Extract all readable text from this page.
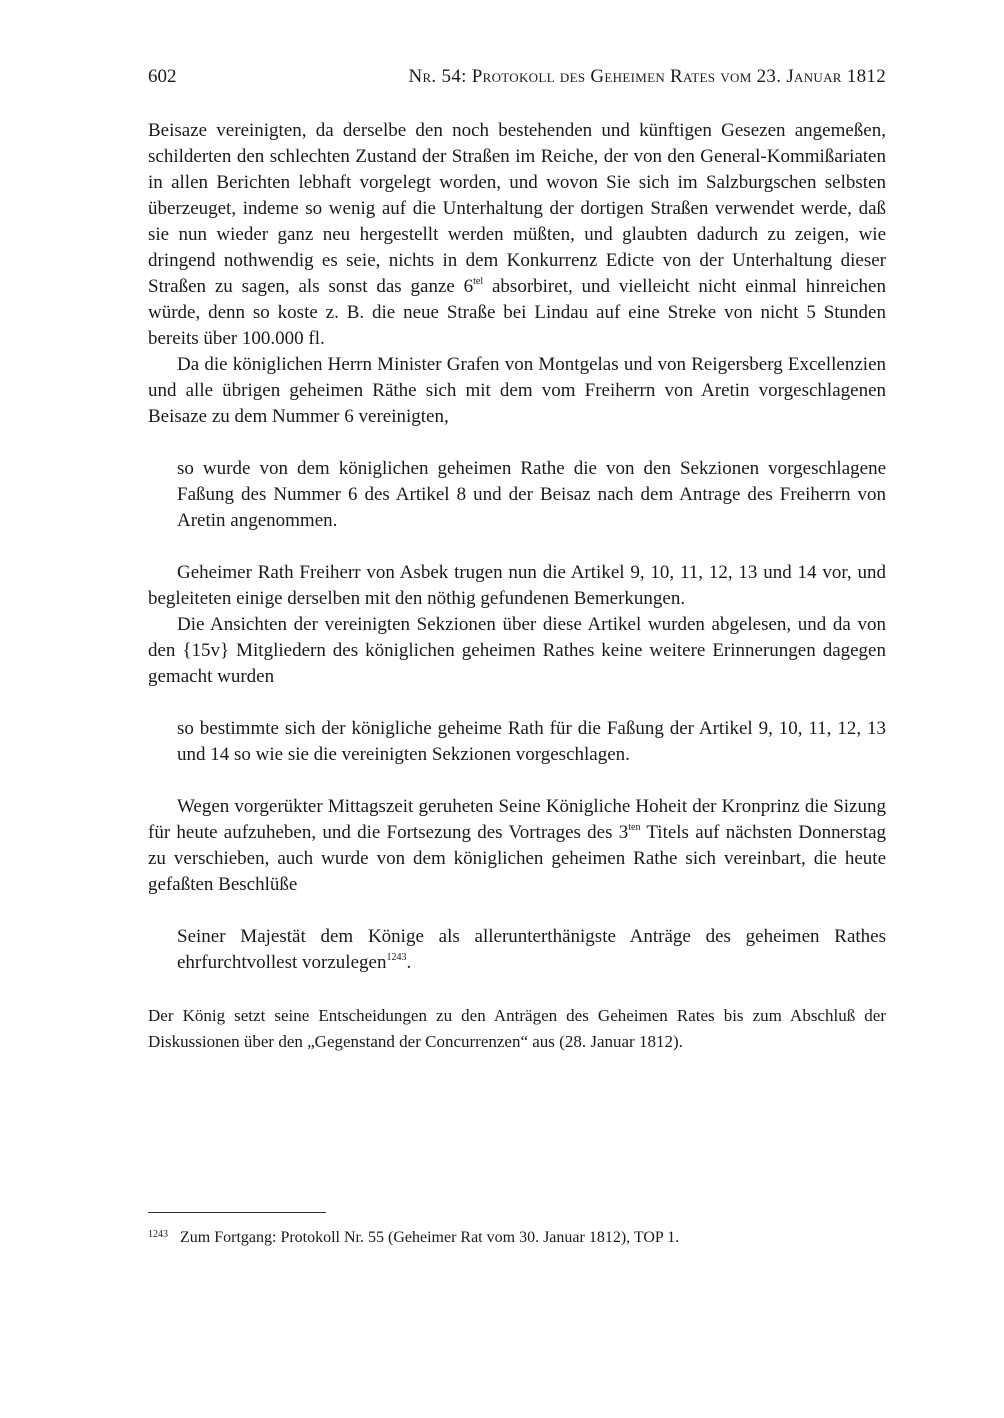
602	Nr. 54: Protokoll des Geheimen Rates vom 23. Januar 1812

Beisaze vereinigten, da derselbe den noch bestehenden und künftigen Gesezen angemeßen, schilderten den schlechten Zustand der Straßen im Reiche, der von den General-Kommißariaten in allen Berichten lebhaft vorgelegt worden, und wovon Sie sich im Salzburgschen selbsten überzeuget, indeme so wenig auf die Unterhaltung der dortigen Straßen verwendet werde, daß sie nun wieder ganz neu hergestellt werden müßten, und glaubten dadurch zu zeigen, wie dringend nothwendig es seie, nichts in dem Konkurrenz Edicte von der Unterhaltung dieser Straßen zu sagen, als sonst das ganze $6^{tel}$ absorbiret, und vielleicht nicht einmal hinreichen würde, denn so koste z. B. die neue Straße bei Lindau auf eine Streke von nicht 5 Stunden bereits über 100.000 fl.

Da die königlichen Herrn Minister Grafen von Montgelas und von Reigersberg Excellenzien und alle übrigen geheimen Räthe sich mit dem vom Freiherrn von Aretin vorgeschlagenen Beisaze zu dem Nummer 6 vereinigten,

so wurde von dem königlichen geheimen Rathe die von den Sekzionen vorgeschlagene Faßung des Nummer 6 des Artikel 8 und der Beisaz nach dem Antrage des Freiherrn von Aretin angenommen.

Geheimer Rath Freiherr von Asbek trugen nun die Artikel 9, 10, 11, 12, 13 und 14 vor, und begleiteten einige derselben mit den nöthig gefundenen Bemerkungen.

Die Ansichten der vereinigten Sekzionen über diese Artikel wurden abgelesen, und da von den {15v} Mitgliedern des königlichen geheimen Rathes keine weitere Erinnerungen dagegen gemacht wurden

so bestimmte sich der königliche geheime Rath für die Faßung der Artikel 9, 10, 11, 12, 13 und 14 so wie sie die vereinigten Sekzionen vorgeschlagen.

Wegen vorgerükter Mittagszeit geruheten Seine Königliche Hoheit der Kronprinz die Sizung für heute aufzuheben, und die Fortsezung des Vortrages des $3^{ten}$ Titels auf nächsten Donnerstag zu verschieben, auch wurde von dem königlichen geheimen Rathe sich vereinbart, die heute gefaßten Beschlüße

Seiner Majestät dem Könige als allerunterthänigste Anträge des geheimen Rathes ehrfurchtvollest vorzulegen$^{1243}$.

Der König setzt seine Entscheidungen zu den Anträgen des Geheimen Rates bis zum Abschluß der Diskussionen über den „Gegenstand der Concurrenzen“ aus (28. Januar 1812).

1243 Zum Fortgang: Protokoll Nr. 55 (Geheimer Rat vom 30. Januar 1812), TOP 1.
